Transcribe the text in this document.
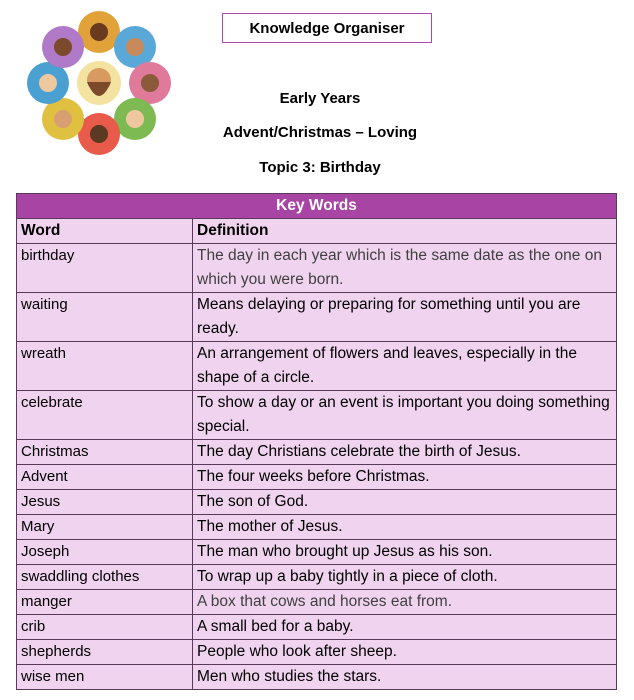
Knowledge Organiser
Early Years
Advent/Christmas – Loving
Topic 3: Birthday
Key Words	
Word	Definition
birthday	The day in each year which is the same date as the one on which you were born.
waiting	Means delaying or preparing for something until you are ready.
wreath	An arrangement of flowers and leaves, especially in the shape of a circle.
celebrate	To show a day or an event is important you doing something special.
Christmas	The day Christians celebrate the birth of Jesus.
Advent	The four weeks before Christmas.
Jesus	The son of God.
Mary	The mother of Jesus.
Joseph	The man who brought up Jesus as his son.
swaddling clothes	To wrap up a baby tightly in a piece of cloth.
manger	A box that cows and horses eat from.
crib	A small bed for a baby.
shepherds	People who look after sheep.
wise men	Men who studies the stars.
